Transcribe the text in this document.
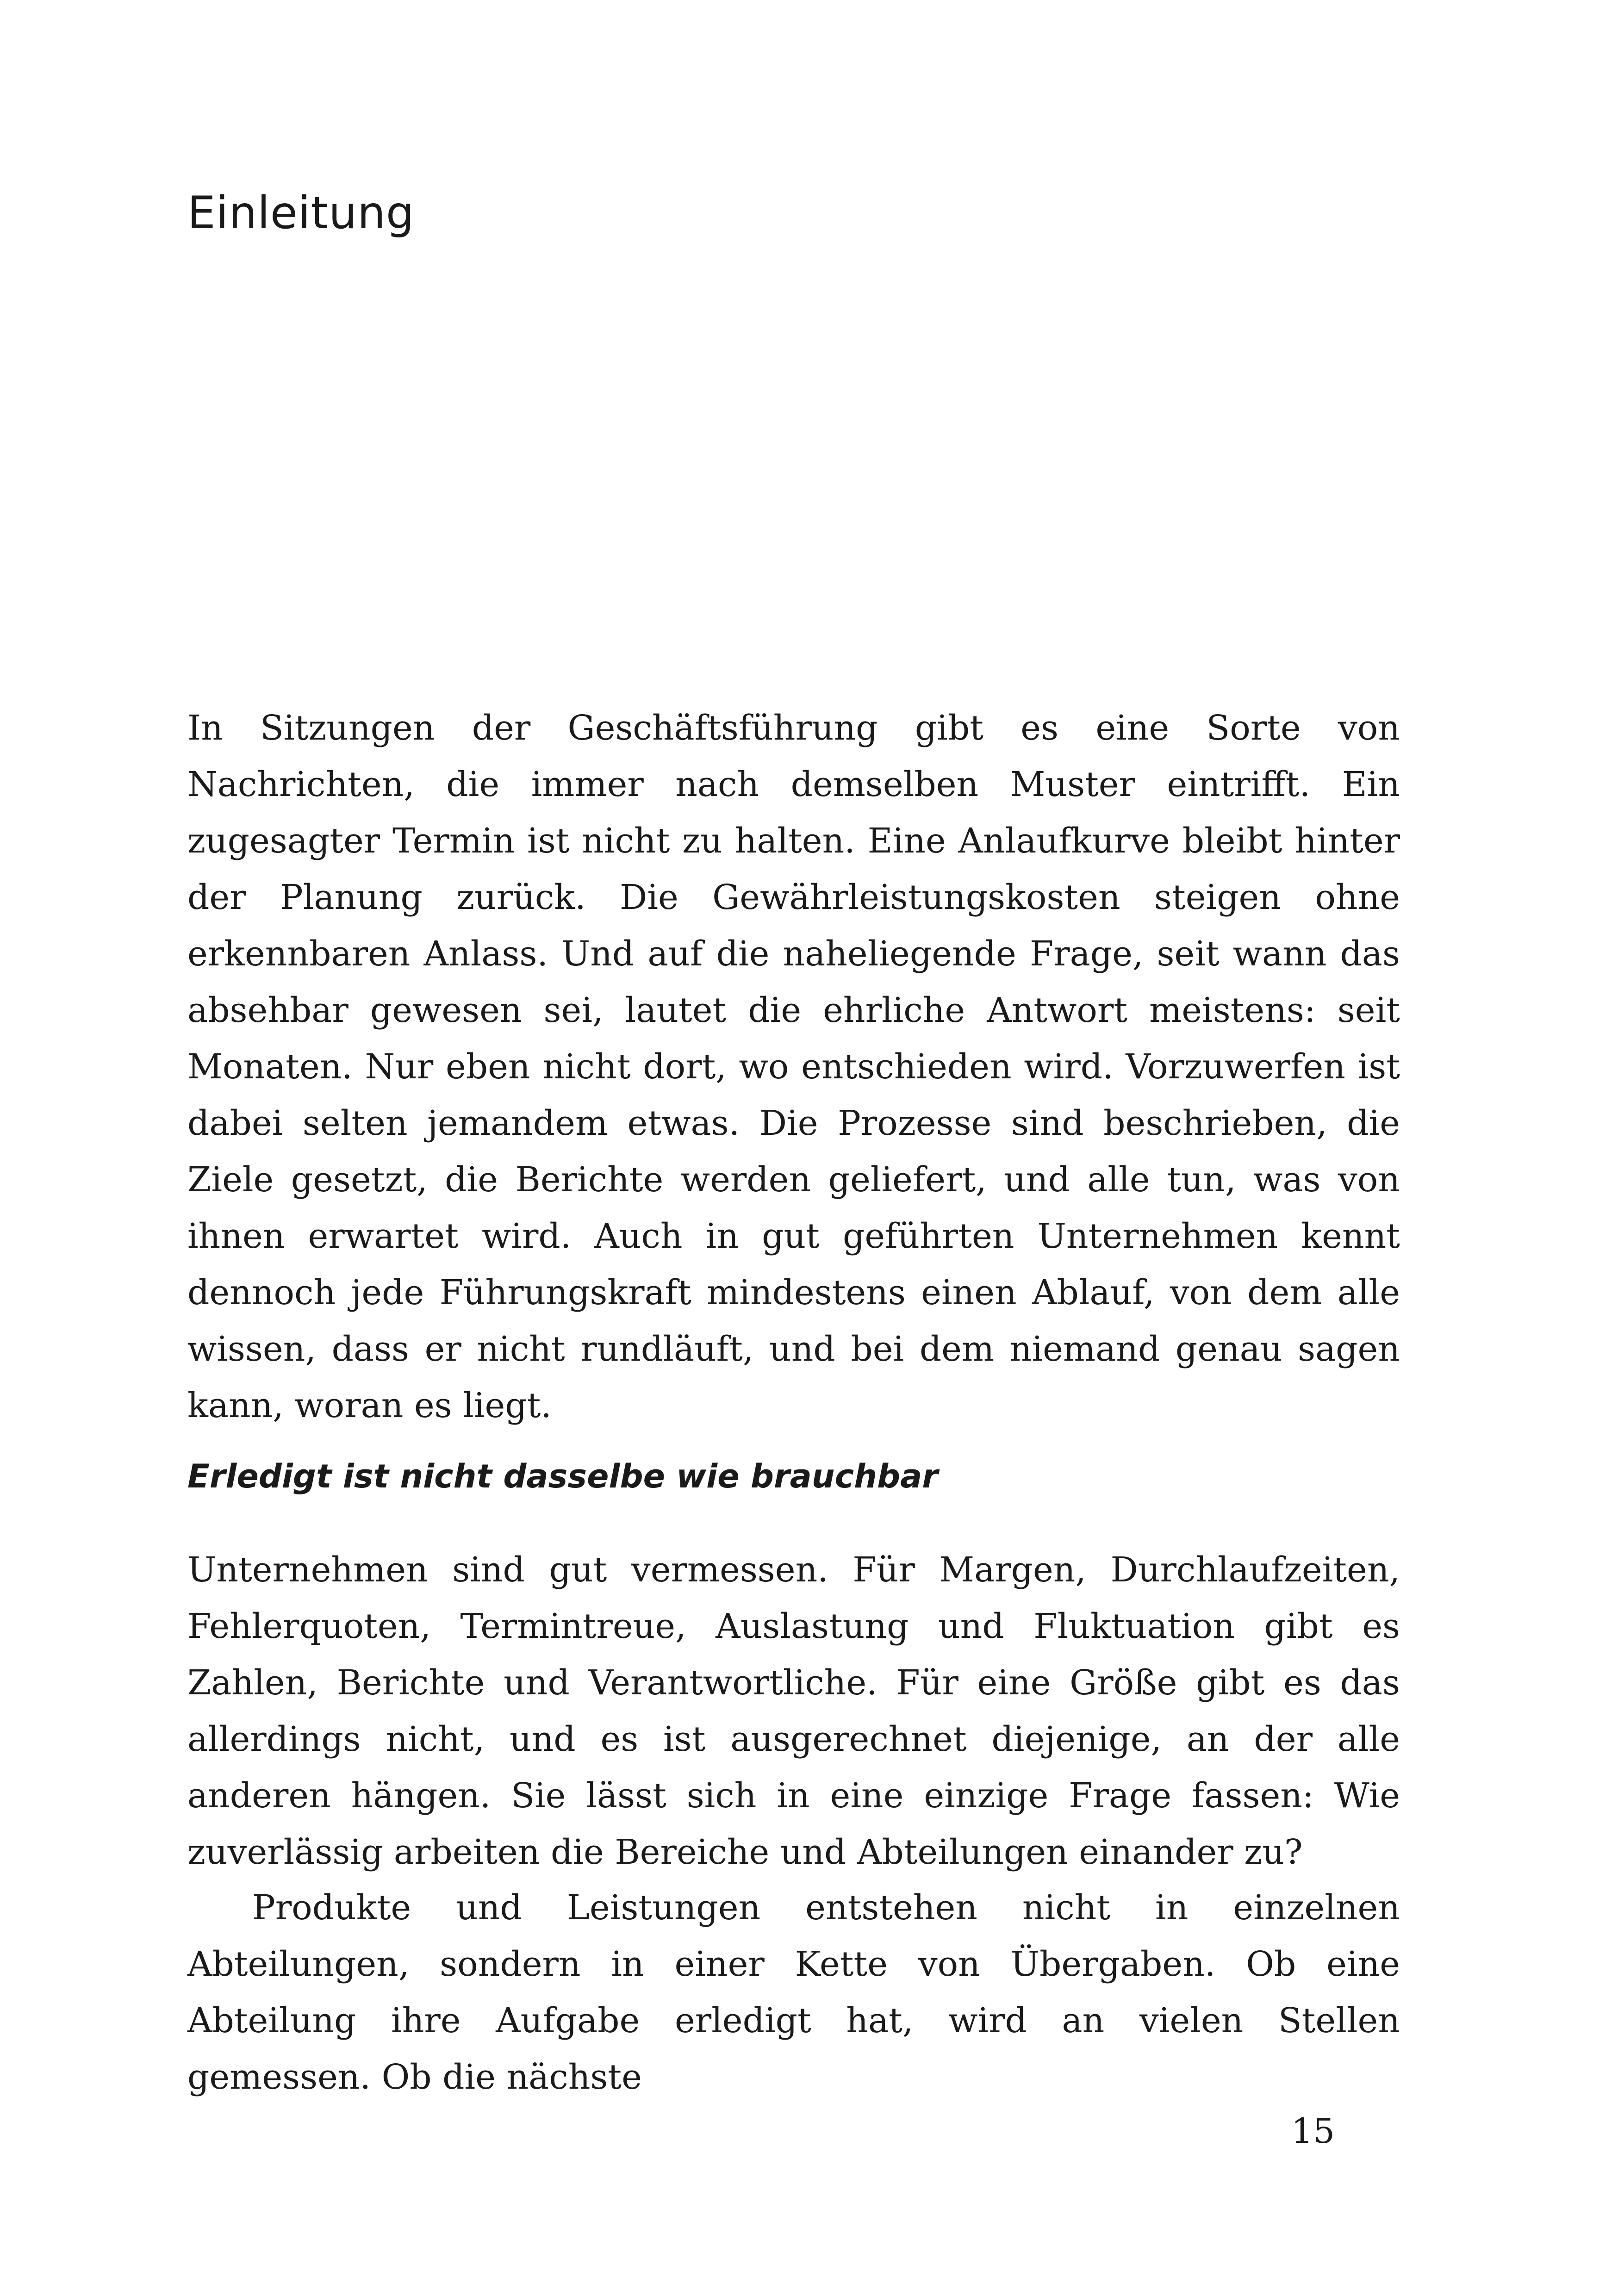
Einleitung

In Sitzungen der Geschäftsführung gibt es eine Sorte von Nachrichten, die immer nach demselben Muster eintrifft. Ein zugesagter Termin ist nicht zu halten. Eine Anlaufkurve bleibt hinter der Planung zurück. Die Gewährleistungskosten steigen ohne erkennbaren Anlass. Und auf die naheliegende Frage, seit wann das absehbar gewesen sei, lautet die ehrliche Antwort meistens: seit Monaten. Nur eben nicht dort, wo entschieden wird. Vorzuwerfen ist dabei selten jemandem etwas. Die Prozesse sind beschrieben, die Ziele gesetzt, die Berichte werden geliefert, und alle tun, was von ihnen erwartet wird. Auch in gut geführten Unternehmen kennt dennoch jede Führungskraft mindestens einen Ablauf, von dem alle wissen, dass er nicht rundläuft, und bei dem niemand genau sagen kann, woran es liegt.

Erledigt ist nicht dasselbe wie brauchbar

Unternehmen sind gut vermessen. Für Margen, Durchlaufzeiten, Fehlerquoten, Termintreue, Auslastung und Fluktuation gibt es Zahlen, Berichte und Verantwortliche. Für eine Größe gibt es das allerdings nicht, und es ist ausgerechnet diejenige, an der alle anderen hängen. Sie lässt sich in eine einzige Frage fassen: Wie zuverlässig arbeiten die Bereiche und Abteilungen einander zu?

Produkte und Leistungen entstehen nicht in einzelnen Abteilungen, sondern in einer Kette von Übergaben. Ob eine Abteilung ihre Aufgabe erledigt hat, wird an vielen Stellen gemessen. Ob die nächste

15
